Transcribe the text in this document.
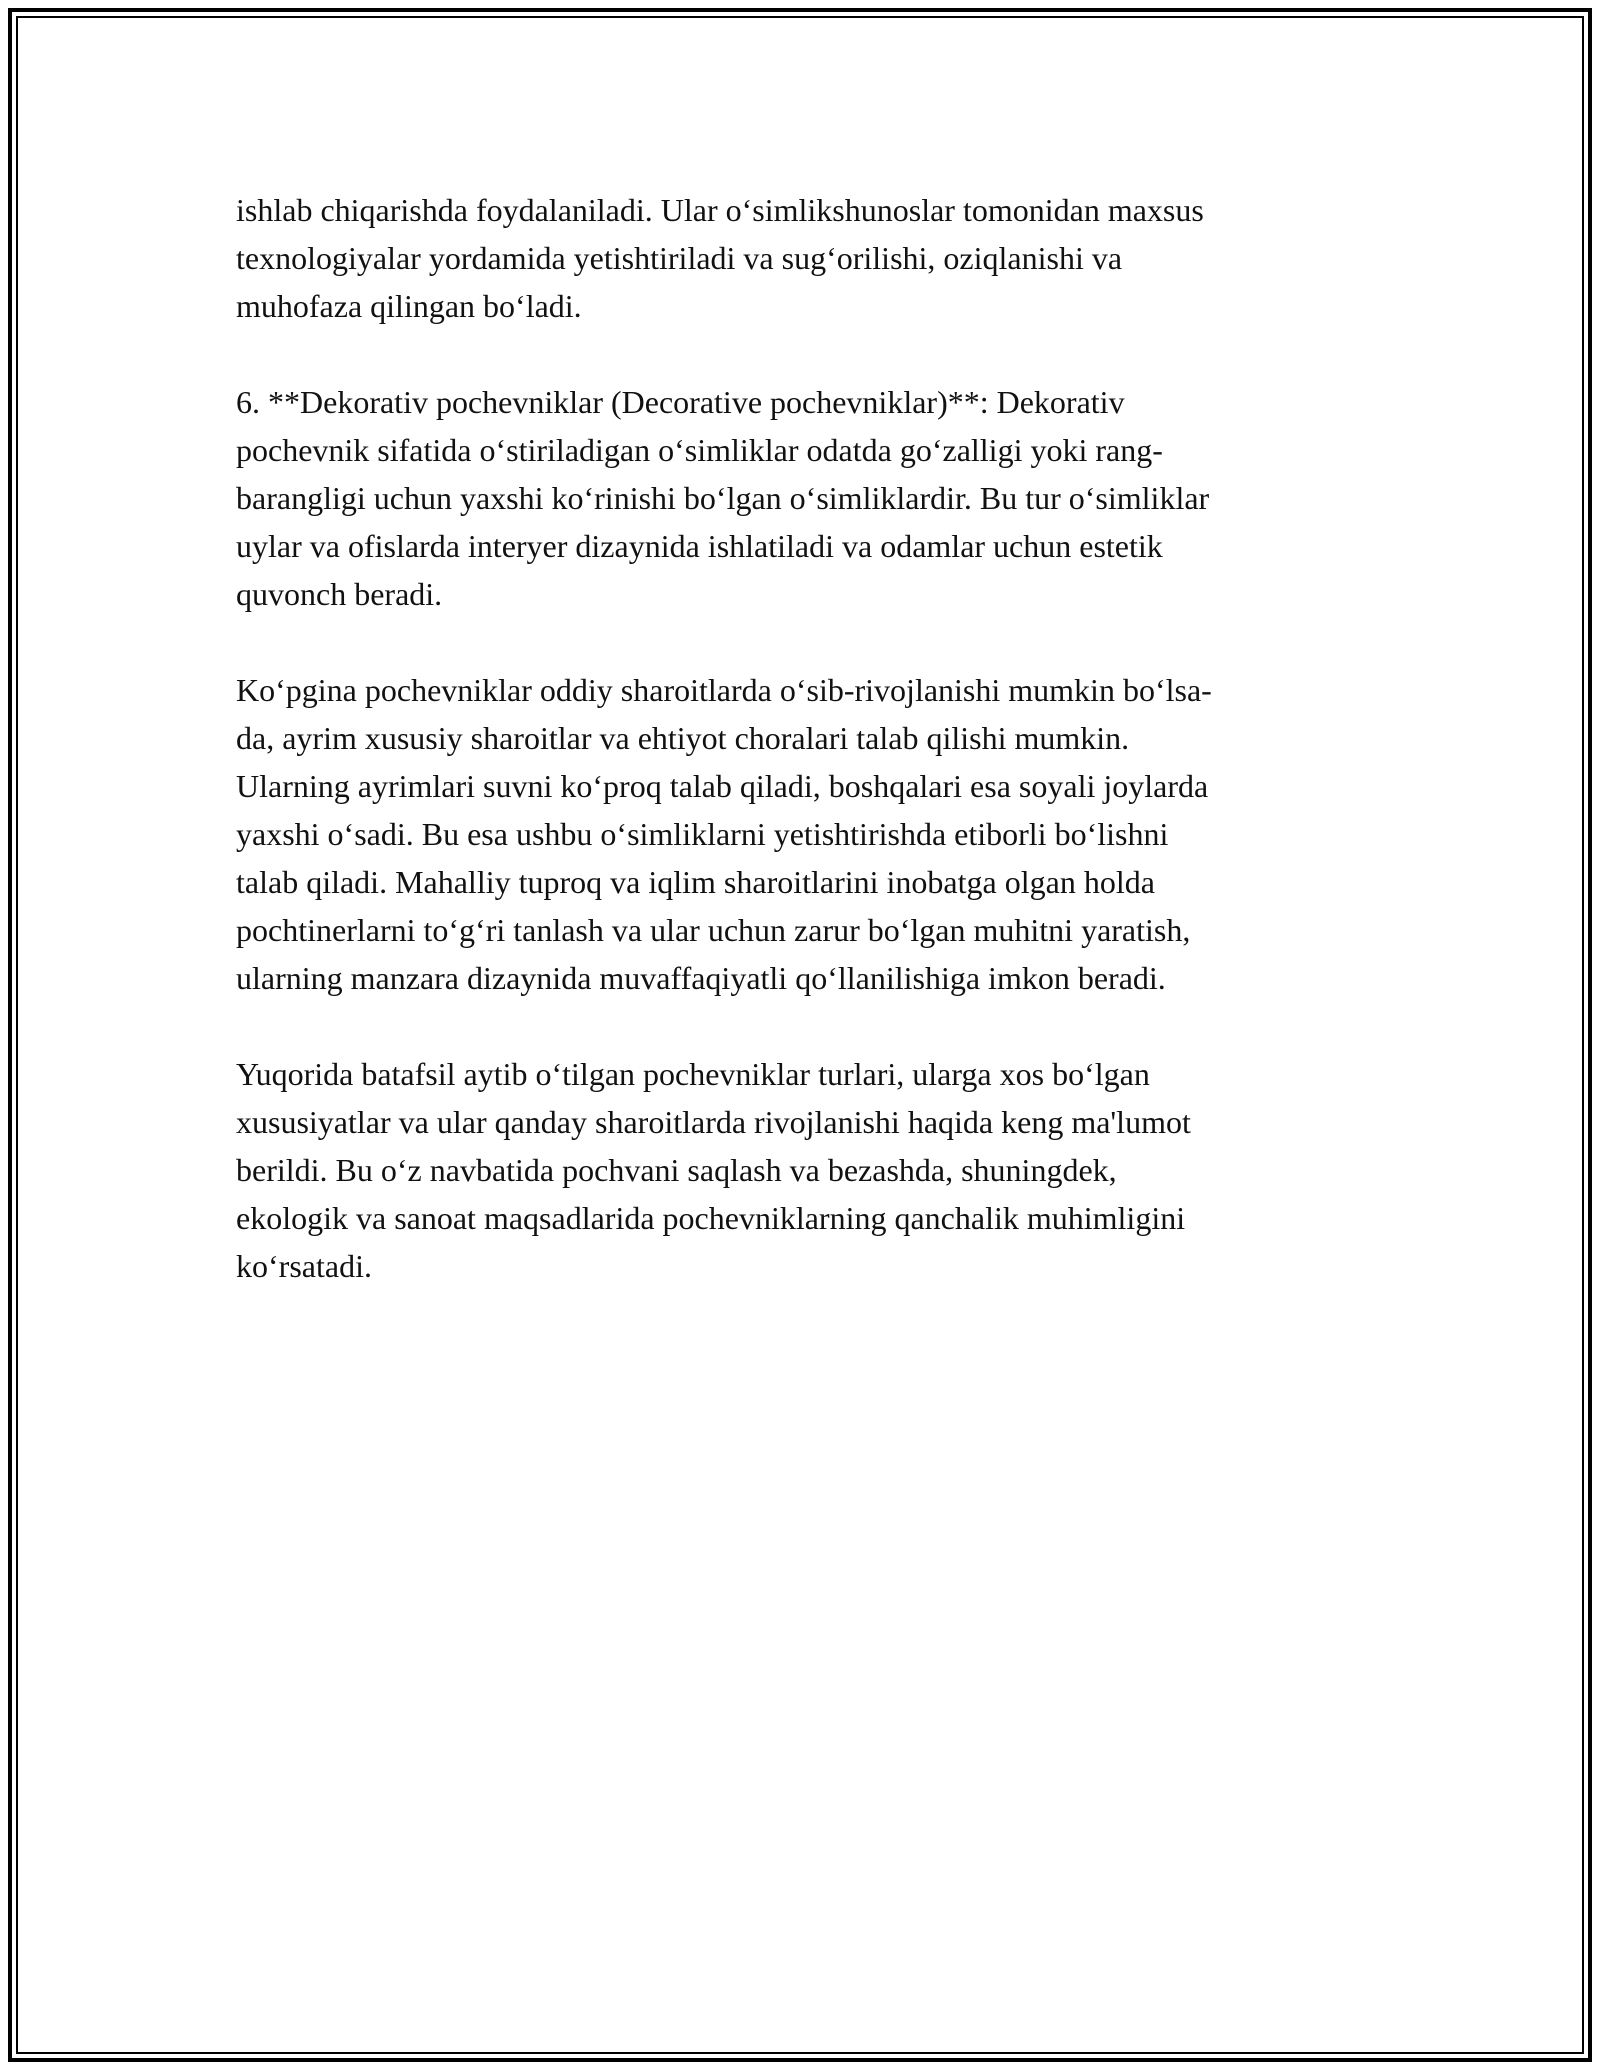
ishlab chiqarishda foydalaniladi. Ular o‘simlikshunoslar tomonidan maxsus
texnologiyalar yordamida yetishtiriladi va sug‘orilishi, oziqlanishi va
muhofaza qilingan bo‘ladi.

6. **Dekorativ pochevniklar (Decorative pochevniklar)**: Dekorativ
pochevnik sifatida o‘stiriladigan o‘simliklar odatda go‘zalligi yoki rang-
barangligi uchun yaxshi ko‘rinishi bo‘lgan o‘simliklardir. Bu tur o‘simliklar
uylar va ofislarda interyer dizaynida ishlatiladi va odamlar uchun estetik
quvonch beradi.

Ko‘pgina pochevniklar oddiy sharoitlarda o‘sib-rivojlanishi mumkin bo‘lsa-
da, ayrim xususiy sharoitlar va ehtiyot choralari talab qilishi mumkin.
Ularning ayrimlari suvni ko‘proq talab qiladi, boshqalari esa soyali joylarda
yaxshi o‘sadi. Bu esa ushbu o‘simliklarni yetishtirishda etiborli bo‘lishni
talab qiladi. Mahalliy tuproq va iqlim sharoitlarini inobatga olgan holda
pochtinerlarni to‘g‘ri tanlash va ular uchun zarur bo‘lgan muhitni yaratish,
ularning manzara dizaynida muvaffaqiyatli qo‘llanilishiga imkon beradi.

Yuqorida batafsil aytib o‘tilgan pochevniklar turlari, ularga xos bo‘lgan
xususiyatlar va ular qanday sharoitlarda rivojlanishi haqida keng ma'lumot
berildi. Bu o‘z navbatida pochvani saqlash va bezashda, shuningdek,
ekologik va sanoat maqsadlarida pochevniklarning qanchalik muhimligini
ko‘rsatadi.
